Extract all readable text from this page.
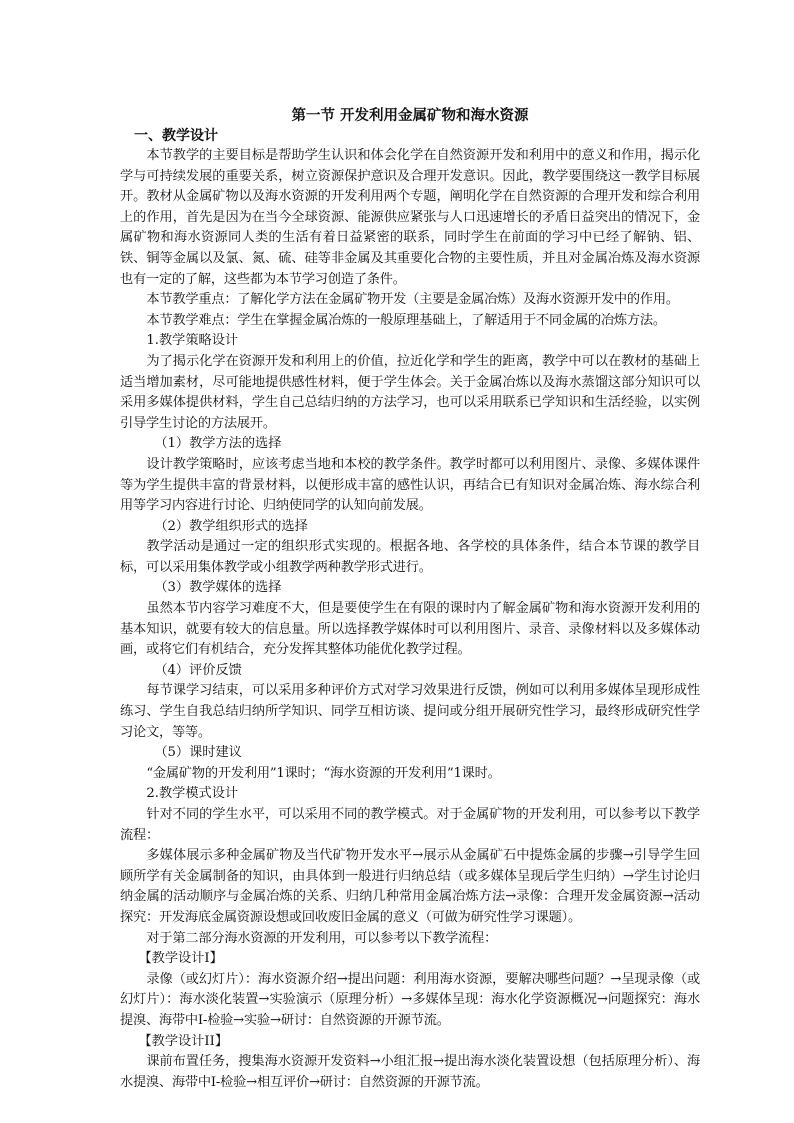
第一节 开发利用金属矿物和海水资源

一、教学设计

本节教学的主要目标是帮助学生认识和体会化学在自然资源开发和利用中的意义和作用，揭示化学与可持续发展的重要关系，树立资源保护意识及合理开发意识。因此，教学要围绕这一教学目标展开。教材从金属矿物以及海水资源的开发利用两个专题，阐明化学在自然资源的合理开发和综合利用上的作用，首先是因为在当今全球资源、能源供应紧张与人口迅速增长的矛盾日益突出的情况下，金属矿物和海水资源同人类的生活有着日益紧密的联系，同时学生在前面的学习中已经了解钠、铝、铁、铜等金属以及氯、氮、硫、硅等非金属及其重要化合物的主要性质，并且对金属冶炼及海水资源也有一定的了解，这些都为本节学习创造了条件。

本节教学重点：了解化学方法在金属矿物开发（主要是金属冶炼）及海水资源开发中的作用。

本节教学难点：学生在掌握金属冶炼的一般原理基础上，了解适用于不同金属的冶炼方法。

1.教学策略设计

为了揭示化学在资源开发和利用上的价值，拉近化学和学生的距离，教学中可以在教材的基础上适当增加素材，尽可能地提供感性材料，便于学生体会。关于金属冶炼以及海水蒸馏这部分知识可以采用多媒体提供材料，学生自己总结归纳的方法学习，也可以采用联系已学知识和生活经验，以实例引导学生讨论的方法展开。

（1）教学方法的选择

设计教学策略时，应该考虑当地和本校的教学条件。教学时都可以利用图片、录像、多媒体课件等为学生提供丰富的背景材料，以便形成丰富的感性认识，再结合已有知识对金属冶炼、海水综合利用等学习内容进行讨论、归纳使同学的认知向前发展。

（2）教学组织形式的选择

教学活动是通过一定的组织形式实现的。根据各地、各学校的具体条件，结合本节课的教学目标，可以采用集体教学或小组教学两种教学形式进行。

（3）教学媒体的选择

虽然本节内容学习难度不大，但是要使学生在有限的课时内了解金属矿物和海水资源开发利用的基本知识，就要有较大的信息量。所以选择教学媒体时可以利用图片、录音、录像材料以及多媒体动画，或将它们有机结合，充分发挥其整体功能优化教学过程。

（4）评价反馈

每节课学习结束，可以采用多种评价方式对学习效果进行反馈，例如可以利用多媒体呈现形成性练习、学生自我总结归纳所学知识、同学互相访谈、提问或分组开展研究性学习，最终形成研究性学习论文，等等。

（5）课时建议

“金属矿物的开发利用”1课时；“海水资源的开发利用”1课时。

2.教学模式设计

针对不同的学生水平，可以采用不同的教学模式。对于金属矿物的开发利用，可以参考以下教学流程：

多媒体展示多种金属矿物及当代矿物开发水平→展示从金属矿石中提炼金属的步骤→引导学生回顾所学有关金属制备的知识，由具体到一般进行归纳总结（或多媒体呈现后学生归纳）→学生讨论归纳金属的活动顺序与金属冶炼的关系、归纳几种常用金属冶炼方法→录像：合理开发金属资源→活动探究：开发海底金属资源设想或回收废旧金属的意义（可做为研究性学习课题）。

对于第二部分海水资源的开发利用，可以参考以下教学流程：

【教学设计Ⅰ】

录像（或幻灯片）：海水资源介绍→提出问题：利用海水资源，要解决哪些问题？→呈现录像（或幻灯片）：海水淡化装置→实验演示（原理分析）→多媒体呈现：海水化学资源概况→问题探究：海水提溴、海带中I-检验→实验→研讨：自然资源的开源节流。

【教学设计II】

课前布置任务，搜集海水资源开发资料→小组汇报→提出海水淡化装置设想（包括原理分析）、海水提溴、海带中I-检验→相互评价→研讨：自然资源的开源节流。
